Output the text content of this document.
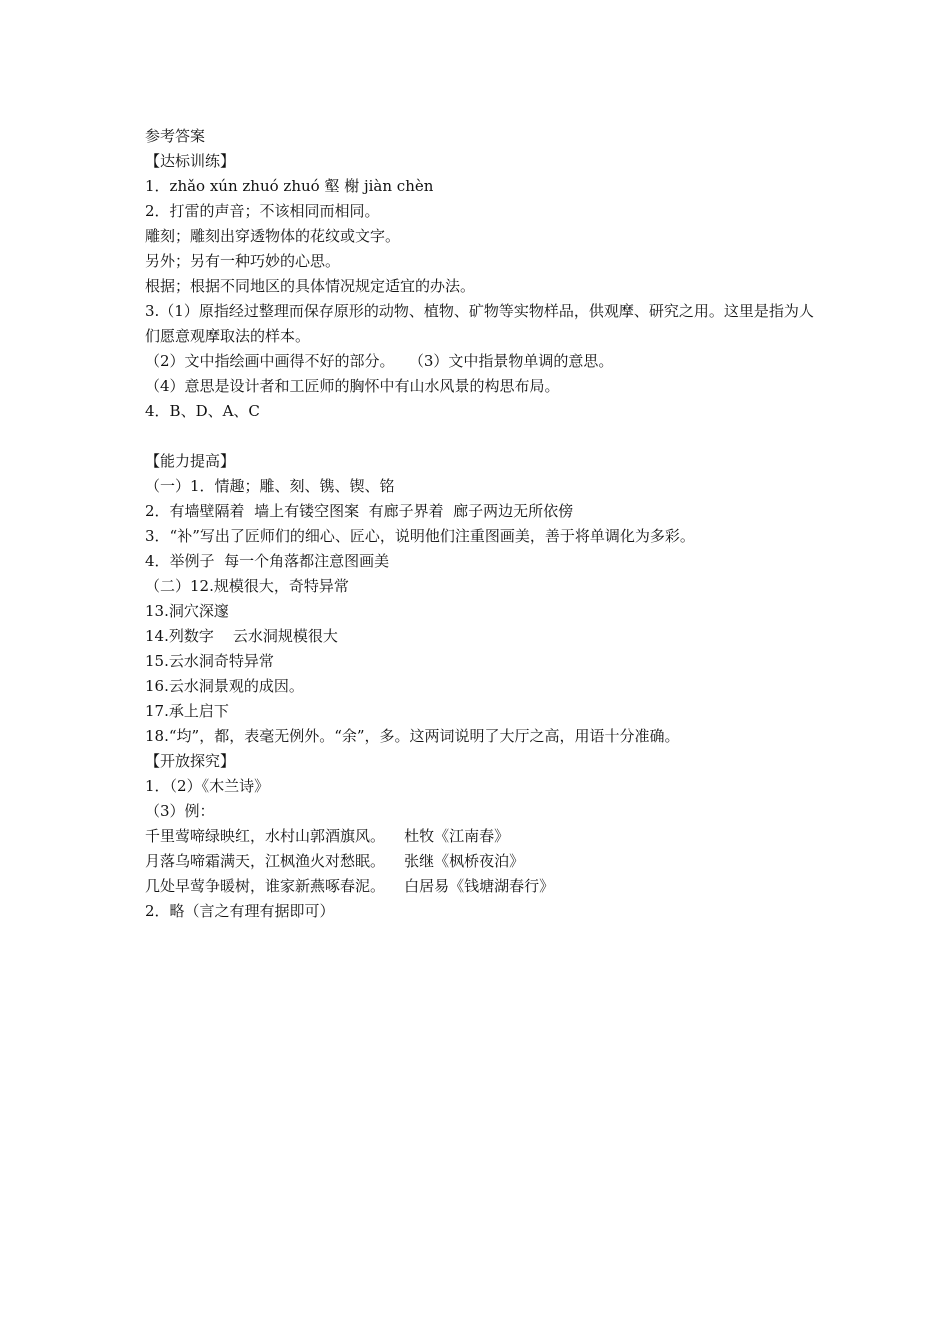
参考答案

【达标训练】

1．zhǎo xún zhuó zhuó 壑 榭 jiàn chèn

2．打雷的声音；不该相同而相同。

雕刻；雕刻出穿透物体的花纹或文字。

另外；另有一种巧妙的心思。

根据；根据不同地区的具体情况规定适宜的办法。

3.（1）原指经过整理而保存原形的动物、植物、矿物等实物样品，供观摩、研究之用。这里是指为人们愿意观摩取法的样本。

（2）文中指绘画中画得不好的部分。   （3）文中指景物单调的意思。

（4）意思是设计者和工匠师的胸怀中有山水风景的构思布局。

4．B、D、A、C

【能力提高】

（一）1．情趣；雕、刻、镌、锲、铭

2．有墙壁隔着  墙上有镂空图案  有廊子界着  廊子两边无所依傍

3．“补”写出了匠师们的细心、匠心，说明他们注重图画美，善于将单调化为多彩。

4．举例子  每一个角落都注意图画美

（二）12.规模很大，奇特异常

13.洞穴深邃

14.列数字    云水洞规模很大

15.云水洞奇特异常

16.云水洞景观的成因。

17.承上启下

18.“均”，都，表毫无例外。“余”，多。这两词说明了大厅之高，用语十分准确。

【开放探究】

1．（2）《木兰诗》

（3）例：

千里莺啼绿映红，水村山郭酒旗风。    杜牧《江南春》

月落乌啼霜满天，江枫渔火对愁眠。    张继《枫桥夜泊》

几处早莺争暖树，谁家新燕啄春泥。    白居易《钱塘湖春行》

2．略（言之有理有据即可）
